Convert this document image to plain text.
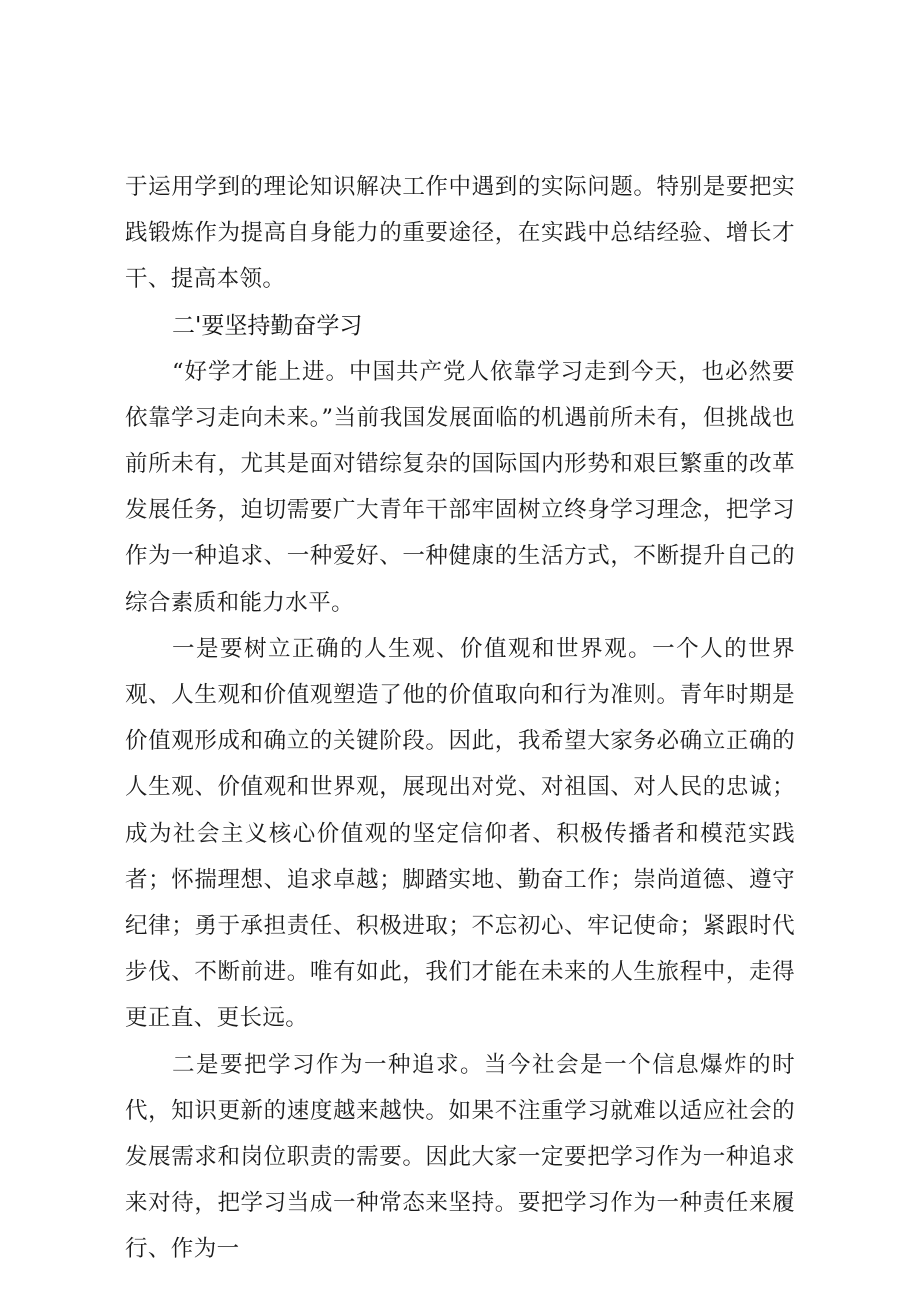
于运用学到的理论知识解决工作中遇到的实际问题。特别是要把实践锻炼作为提高自身能力的重要途径，在实践中总结经验、增长才干、提高本领。

二'要坚持勤奋学习

“好学才能上进。中国共产党人依靠学习走到今天，也必然要依靠学习走向未来。”当前我国发展面临的机遇前所未有，但挑战也前所未有，尤其是面对错综复杂的国际国内形势和艰巨繁重的改革发展任务，迫切需要广大青年干部牢固树立终身学习理念，把学习作为一种追求、一种爱好、一种健康的生活方式，不断提升自己的综合素质和能力水平。

一是要树立正确的人生观、价值观和世界观。一个人的世界观、人生观和价值观塑造了他的价值取向和行为准则。青年时期是价值观形成和确立的关键阶段。因此，我希望大家务必确立正确的人生观、价值观和世界观，展现出对党、对祖国、对人民的忠诚；成为社会主义核心价值观的坚定信仰者、积极传播者和模范实践者；怀揣理想、追求卓越；脚踏实地、勤奋工作；崇尚道德、遵守纪律；勇于承担责任、积极进取；不忘初心、牢记使命；紧跟时代步伐、不断前进。唯有如此，我们才能在未来的人生旅程中，走得更正直、更长远。

二是要把学习作为一种追求。当今社会是一个信息爆炸的时代，知识更新的速度越来越快。如果不注重学习就难以适应社会的发展需求和岗位职责的需要。因此大家一定要把学习作为一种追求来对待，把学习当成一种常态来坚持。要把学习作为一种责任来履行、作为一
